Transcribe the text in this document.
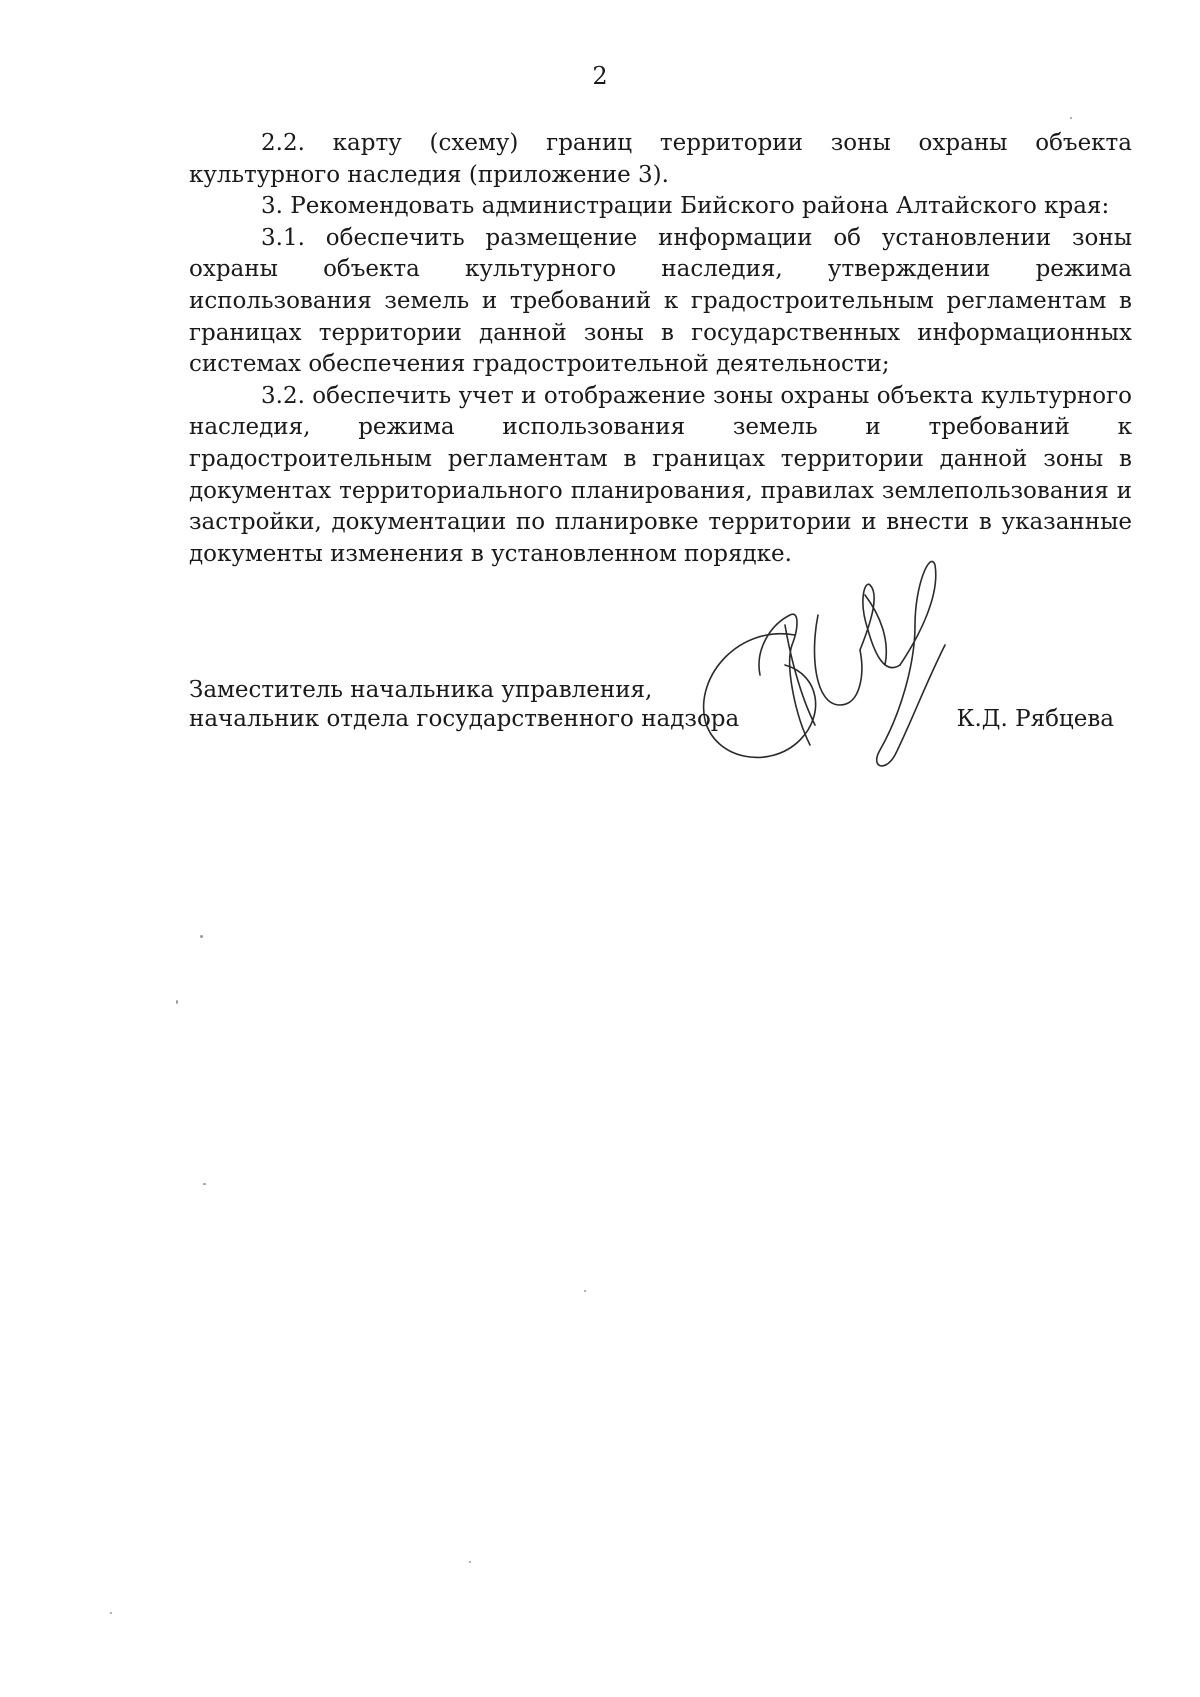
2

2.2. карту (схему) границ территории зоны охраны объекта культурного наследия (приложение 3).

3. Рекомендовать администрации Бийского района Алтайского края:

3.1. обеспечить размещение информации об установлении зоны охраны объекта культурного наследия, утверждении режима использования земель и требований к градостроительным регламентам в границах территории данной зоны в государственных информационных системах обеспечения градостроительной деятельности;

3.2. обеспечить учет и отображение зоны охраны объекта культурного наследия, режима использования земель и требований к градостроительным регламентам в границах территории данной зоны в документах территориального планирования, правилах землепользования и застройки, документации по планировке территории и внести в указанные документы изменения в установленном порядке.

Заместитель начальника управления,
начальник отдела государственного надзора	К.Д. Рябцева
